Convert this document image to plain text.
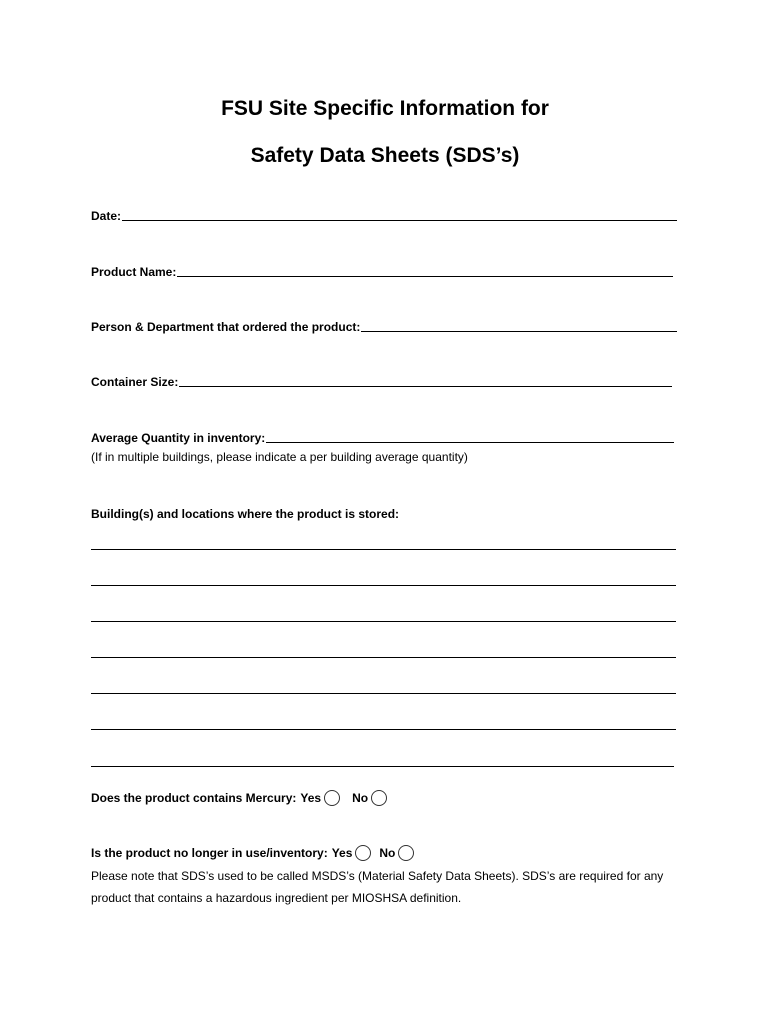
FSU Site Specific Information for
Safety Data Sheets (SDS’s)
Date:
Product Name:
Person & Department that ordered the product:
Container Size:
Average Quantity in inventory:
(If in multiple buildings, please indicate a per building average quantity)
Building(s) and locations where the product is stored:
Does the product contains Mercury: Yes	No
Is the product no longer in use/inventory: Yes No
Please note that SDS’s used to be called MSDS’s (Material Safety Data Sheets). SDS’s are required for any product that contains a hazardous ingredient per MIOSHSA definition.
